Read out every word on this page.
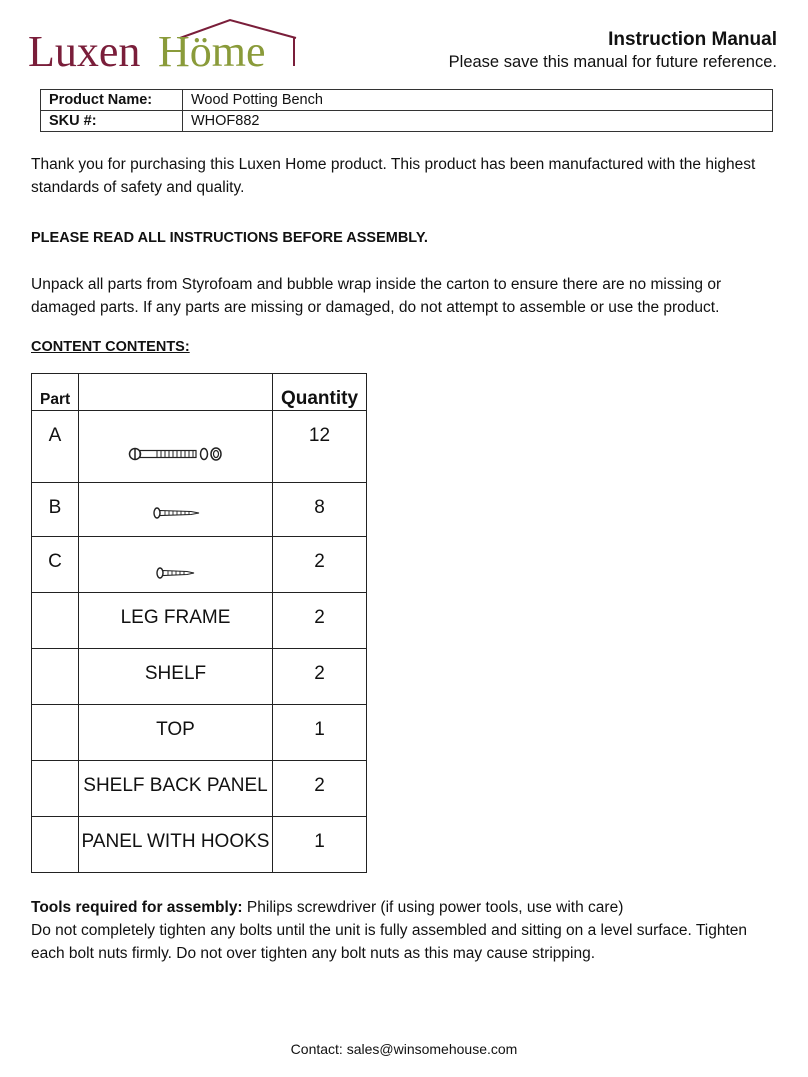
Luxen Höme	Instruction Manual
Please save this manual for future reference.
Product Name:	Wood Potting Bench
SKU #:	WHOF882
Thank you for purchasing this Luxen Home product. This product has been manufactured with the highest standards of safety and quality.
PLEASE READ ALL INSTRUCTIONS BEFORE ASSEMBLY.
Unpack all parts from Styrofoam and bubble wrap inside the carton to ensure there are no missing or damaged parts. If any parts are missing or damaged, do not attempt to assemble or use the product.
CONTENT CONTENTS:
Part		Quantity

A		12

B		8

C		2

	LEG FRAME	2

	SHELF	2

	TOP	1

	SHELF BACK PANEL	2

	PANEL WITH HOOKS	1
Tools required for assembly: Philips screwdriver (if using power tools, use with care)
Do not completely tighten any bolts until the unit is fully assembled and sitting on a level surface. Tighten each bolt nuts firmly. Do not over tighten any bolt nuts as this may cause stripping.
Contact: sales@winsomehouse.com
